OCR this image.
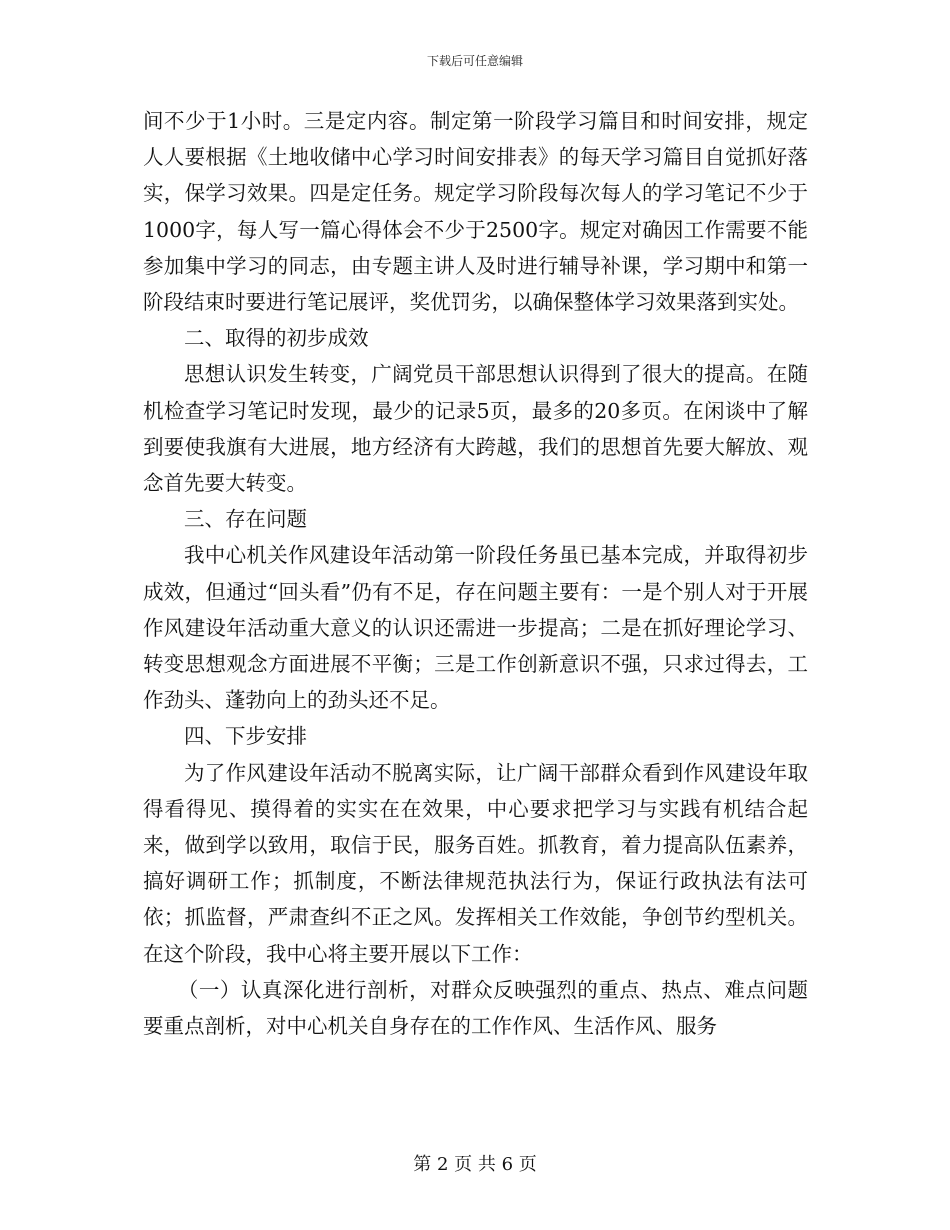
下载后可任意编辑

间不少于1小时。三是定内容。制定第一阶段学习篇目和时间安排，规定人人要根据《土地收储中心学习时间安排表》的每天学习篇目自觉抓好落实，保学习效果。四是定任务。规定学习阶段每次每人的学习笔记不少于1000字，每人写一篇心得体会不少于2500字。规定对确因工作需要不能参加集中学习的同志，由专题主讲人及时进行辅导补课，学习期中和第一阶段结束时要进行笔记展评，奖优罚劣，以确保整体学习效果落到实处。

二、取得的初步成效

思想认识发生转变，广阔党员干部思想认识得到了很大的提高。在随机检查学习笔记时发现，最少的记录5页，最多的20多页。在闲谈中了解到要使我旗有大进展，地方经济有大跨越，我们的思想首先要大解放、观念首先要大转变。

三、存在问题

我中心机关作风建设年活动第一阶段任务虽已基本完成，并取得初步成效，但通过“回头看”仍有不足，存在问题主要有：一是个别人对于开展作风建设年活动重大意义的认识还需进一步提高；二是在抓好理论学习、转变思想观念方面进展不平衡；三是工作创新意识不强，只求过得去，工作劲头、蓬勃向上的劲头还不足。

四、下步安排

为了作风建设年活动不脱离实际，让广阔干部群众看到作风建设年取得看得见、摸得着的实实在在效果，中心要求把学习与实践有机结合起来，做到学以致用，取信于民，服务百姓。抓教育，着力提高队伍素养，搞好调研工作；抓制度，不断法律规范执法行为，保证行政执法有法可依；抓监督，严肃查纠不正之风。发挥相关工作效能，争创节约型机关。在这个阶段，我中心将主要开展以下工作：

（一）认真深化进行剖析，对群众反映强烈的重点、热点、难点问题要重点剖析，对中心机关自身存在的工作作风、生活作风、服务

第 2 页 共 6 页
